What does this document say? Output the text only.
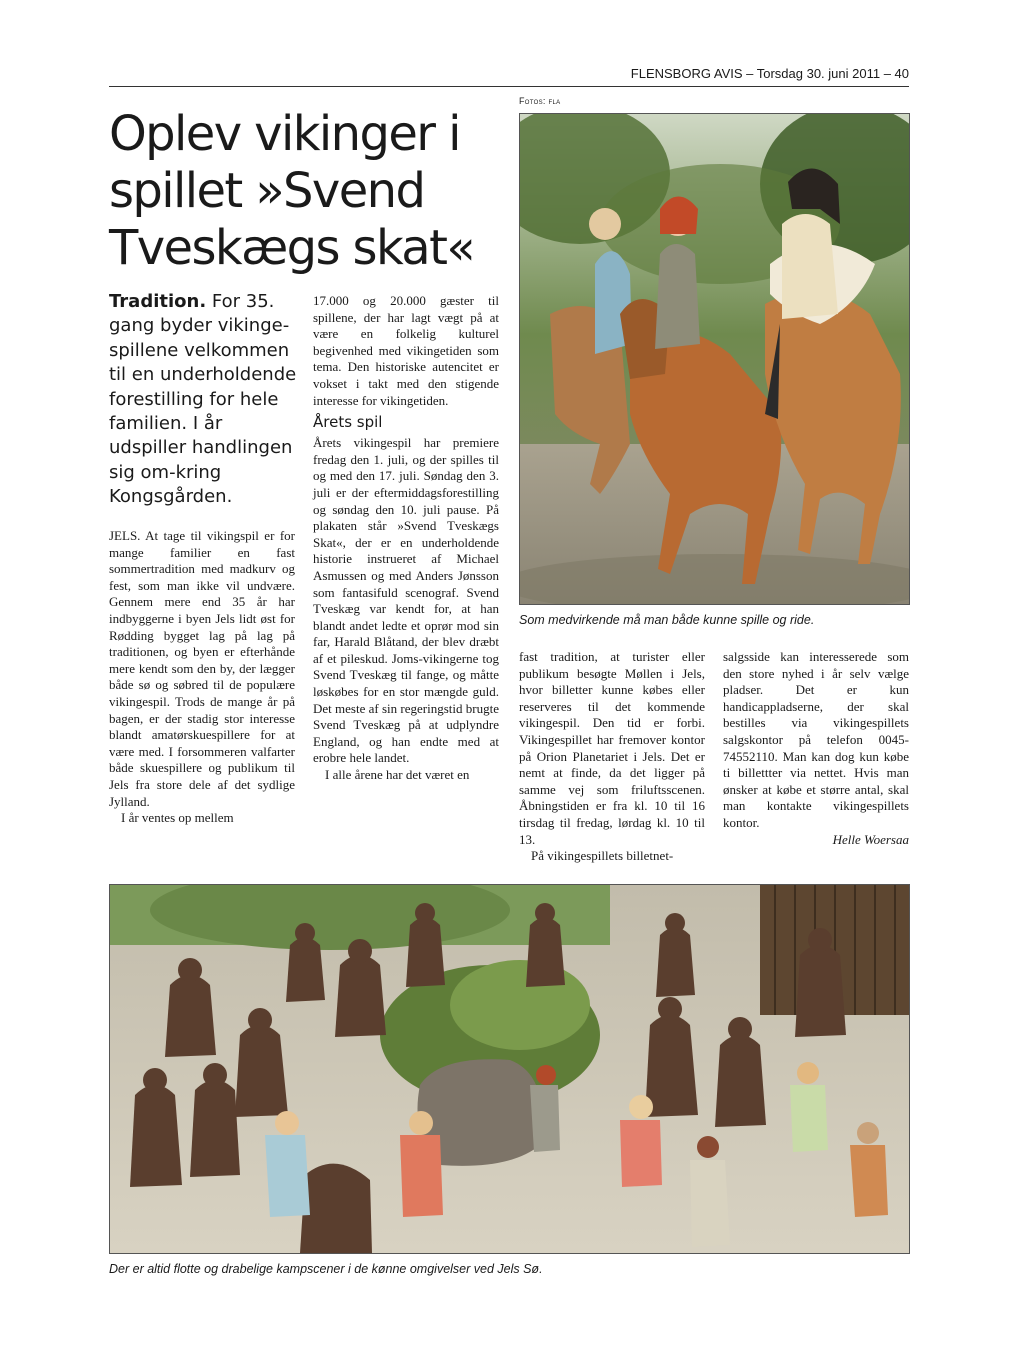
FLENSBORG AVIS – Torsdag 30. juni 2011 – 40
Fotos: fla
Oplev vikinger i spillet »Svend Tveskægs skat«
Tradition. For 35. gang byder vikinge-spillene velkommen til en underholdende forestilling for hele familien. I år udspiller handlingen sig om-kring Kongsgården.

JELS. At tage til vikingspil er for mange familier en fast sommertradition med madkurv og fest, som man ikke vil undvære. Gennem mere end 35 år har indbyggerne i byen Jels lidt øst for Rødding bygget lag på lag på traditionen, og byen er efterhånde mere kendt som den by, der lægger både sø og søbred til de populære vikingespil. Trods de mange år på bagen, er der stadig stor interesse blandt amatørskuespillere for at være med. I forsommeren valfarter både skuespillere og publikum til Jels fra store dele af det sydlige Jylland.

I år ventes op mellem

17.000 og 20.000 gæster til spillene, der har lagt vægt på at være en folkelig kulturel begivenhed med vikingetiden som tema. Den historiske autencitet er vokset i takt med den stigende interesse for vikingetiden.

Årets spil

Årets vikingespil har premiere fredag den 1. juli, og der spilles til og med den 17. juli. Søndag den 3. juli er der eftermiddagsforestilling og søndag den 10. juli pause. På plakaten står »Svend Tveskægs Skat«, der er en underholdende historie instrueret af Michael Asmussen og med Anders Jønsson som fantasifuld scenograf. Svend Tveskæg var kendt for, at han blandt andet ledte et oprør mod sin far, Harald Blåtand, der blev dræbt af et pileskud. Joms-vikingerne tog Svend Tveskæg til fange, og måtte løskøbes for en stor mængde guld. Det meste af sin regeringstid brugte Svend Tveskæg på at udplyndre England, og han endte med at erobre hele landet.

I alle årene har det været en

Som medvirkende må man både kunne spille og ride.

fast tradition, at turister eller publikum besøgte Møllen i Jels, hvor billetter kunne købes eller reserveres til det kommende vikingespil. Den tid er forbi. Vikingespillet har fremover kontor på Orion Planetariet i Jels. Det er nemt at finde, da det ligger på samme vej som friluftsscenen. Åbningstiden er fra kl. 10 til 16 tirsdag til fredag, lørdag kl. 10 til 13.

På vikingespillets billetnet-

salgsside kan interesserede som den store nyhed i år selv vælge pladser. Det er kun handicappladserne, der skal bestilles via vikingespillets salgskontor på telefon 0045-74552110. Man kan dog kun købe ti billettter via nettet. Hvis man ønsker at købe et større antal, skal man kontakte vikingespillets kontor.

Helle Woersaa

Der er altid flotte og drabelige kampscener i de kønne omgivelser ved Jels Sø.
